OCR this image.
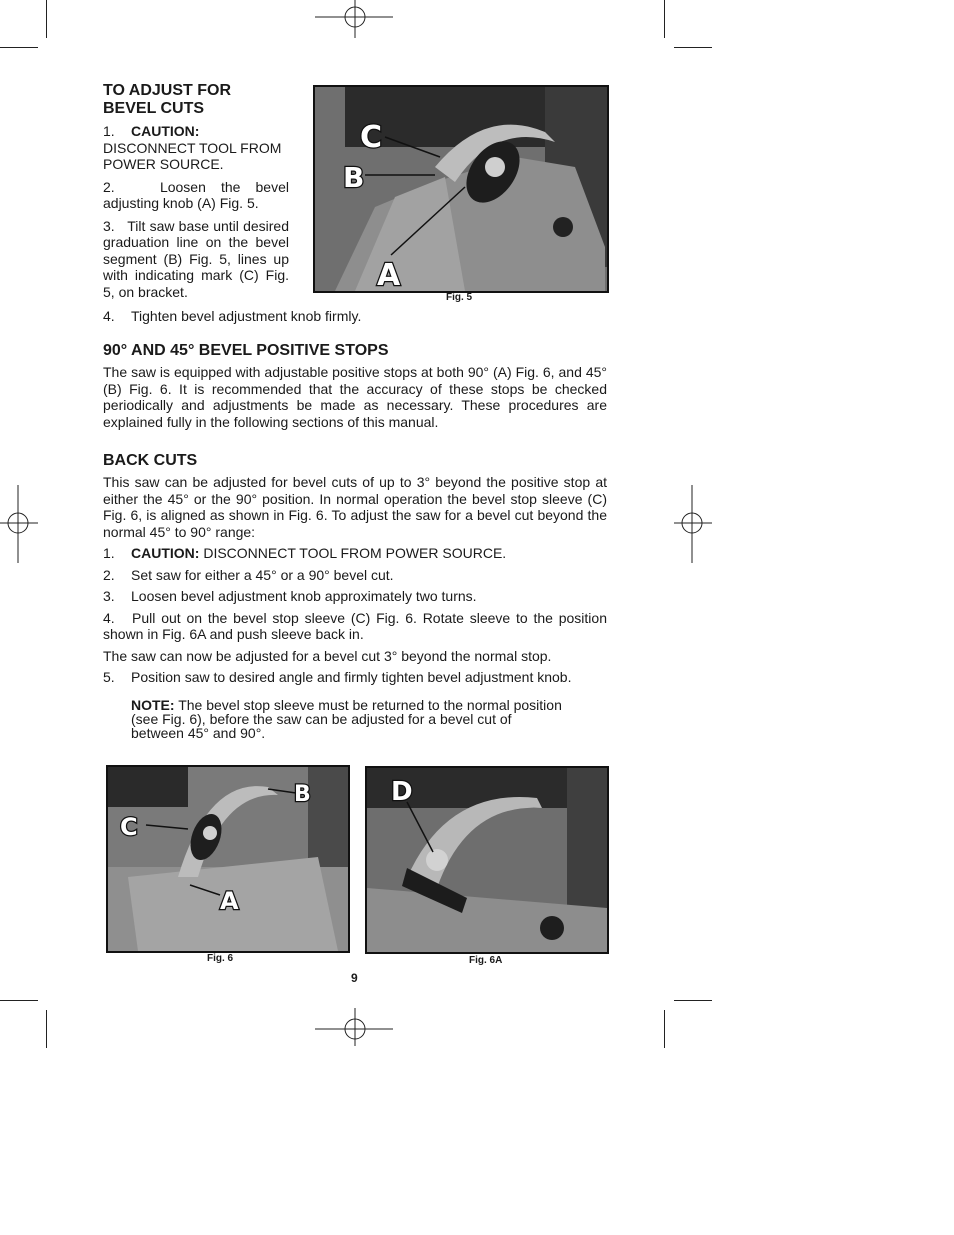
TO ADJUST FOR
BEVEL CUTS

1. CAUTION:

DISCONNECT TOOL FROM POWER SOURCE.

2.   Loosen the bevel adjusting knob (A) Fig. 5.

3.   Tilt saw base until desired graduation line on the bevel segment (B) Fig. 5, lines up with indicating mark (C) Fig. 5, on bracket.

4. Tighten bevel adjustment knob firmly.

C
B
A
Fig. 5

90° AND 45° BEVEL POSITIVE STOPS

The saw is equipped with adjustable positive stops at both 90° (A) Fig. 6, and 45° (B) Fig. 6. It is recommended that the accuracy of these stops be checked periodically and adjustments be made as necessary. These procedures are explained fully in the following sections of this manual.

BACK CUTS

This saw can be adjusted for bevel cuts of up to 3° beyond the positive stop at either the 45° or the 90° position. In normal operation the bevel stop sleeve (C) Fig. 6, is aligned as shown in Fig. 6. To adjust the saw for a bevel cut beyond the normal 45° to 90° range:

1. CAUTION: DISCONNECT TOOL FROM POWER SOURCE.

2. Set saw for either a 45° or a 90° bevel cut.

3. Loosen bevel adjustment knob approximately two turns.

4.   Pull out on the bevel stop sleeve (C) Fig. 6. Rotate sleeve to the position shown in Fig. 6A and push sleeve back in.

The saw can now be adjusted for a bevel cut 3° beyond the normal stop.

5. Position saw to desired angle and firmly tighten bevel adjustment knob.

NOTE: The bevel stop sleeve must be returned to the normal position
(see Fig. 6), before the saw can be adjusted for a bevel cut of
between 45° and 90°.

B
C
A
Fig. 6
D
Fig. 6A
9
